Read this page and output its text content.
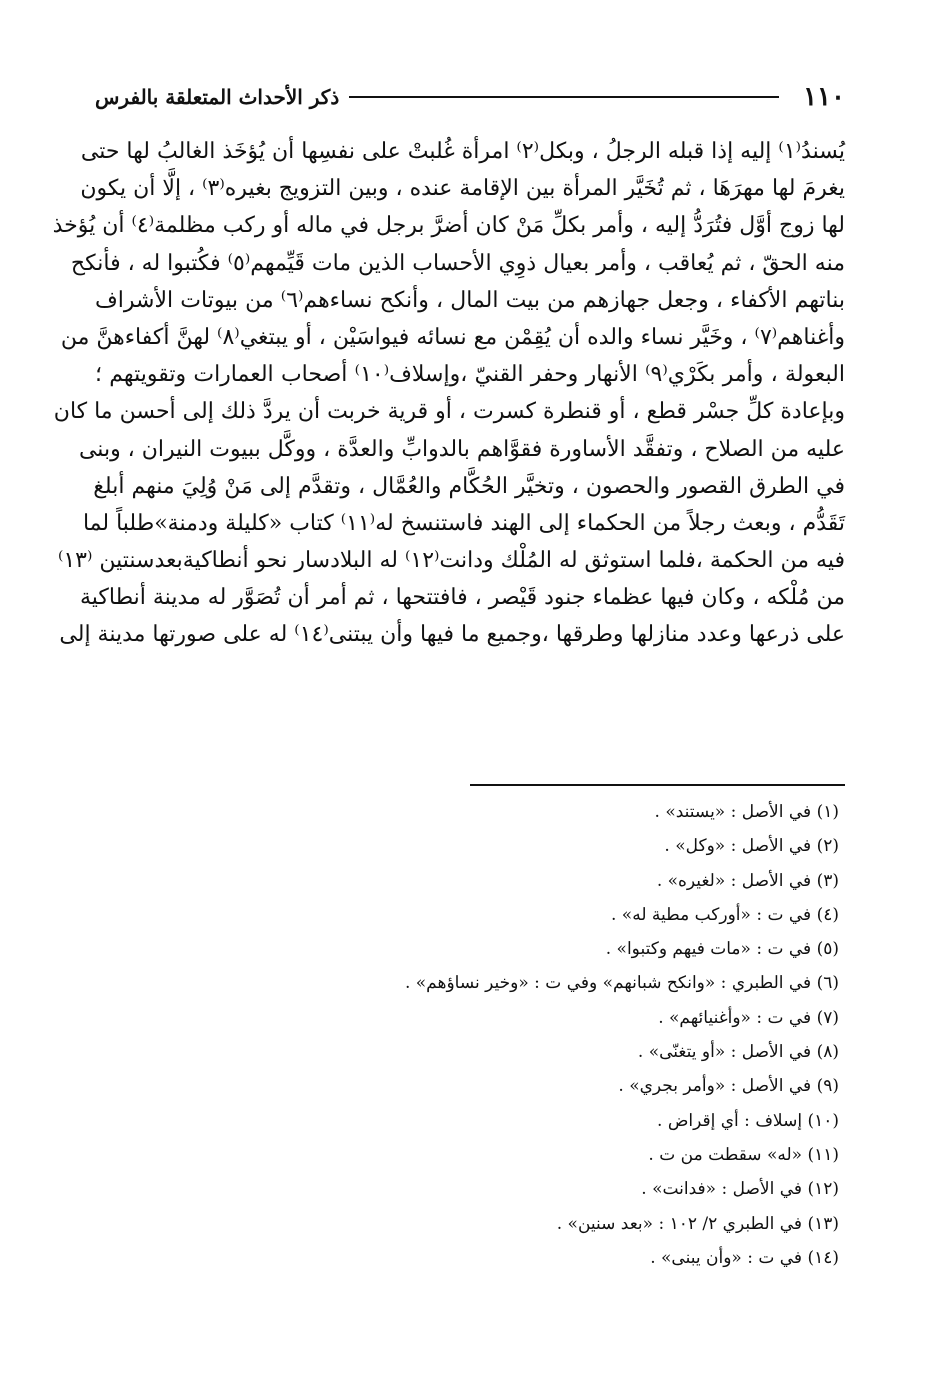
١١٠
ذكر الأحداث المتعلقة بالفرس
يُسندُ⁽١⁾ إليه إذا قبله الرجلُ ، وبكل⁽٢⁾ امرأة غُلبتْ على نفسِها أن يُؤخَذ الغالبُ لها حتى
يغرمَ لها مهرَهَا ، ثم تُخَيَّر المرأة بين الإقامة عنده ، وبين التزويج بغيره⁽٣⁾ ، إلَّا أن يكون
لها زوج أوَّل فتُرَدُّ إليه ، وأمر بكلِّ مَنْ كان أضرَّ برجل في ماله أو ركب مظلمة⁽٤⁾ أن يُؤخذ
منه الحقّ ، ثم يُعاقب ، وأمر بعيال ذوِي الأحساب الذين مات قَيِّمهم⁽٥⁾ فكُتبوا له ، فأنكح
بناتهم الأكفاء ، وجعل جهازهم من بيت المال ، وأنكح نساءهم⁽٦⁾ من بيوتات الأشراف
وأغناهم⁽٧⁾ ، وخَيَّر نساء والده أن يُقِمْن مع نسائه فيواسَيْن ، أو يبتغي⁽٨⁾ لهنَّ أكفاءهنَّ من
البعولة ، وأمر بكَرْي⁽٩⁾ الأنهار وحفر القنيّ ،وإسلاف⁽١٠⁾ أصحاب العمارات وتقويتهم ؛
وبإعادة كلِّ جسْر قطع ، أو قنطرة كسرت ، أو قرية خربت أن يردَّ ذلك إلى أحسن ما كان
عليه من الصلاح ، وتفقَّد الأساورة فقوَّاهم بالدوابِّ والعدَّة ، ووكَّل ببيوت النيران ، وبنى
في الطرق القصور والحصون ، وتخيَّر الحُكَّام والعُمَّال ، وتقدَّم إلى مَنْ وُلِيَ منهم أبلغ
تَقَدُّم ، وبعث رجلاً من الحكماء إلى الهند فاستنسخ له⁽١١⁾ كتاب «كليلة ودمنة»طلباً لما
فيه من الحكمة ،فلما استوثق له المُلْك ودانت⁽١٢⁾ له البلادسار نحو أنطاكيةبعدسنتين ⁽١٣⁾
من مُلْكه ، وكان فيها عظماء جنود قَيْصر ، فافتتحها ، ثم أمر أن تُصَوَّر له مدينة أنطاكية
على ذرعها وعدد منازلها وطرقها ،وجميع ما فيها وأن يبتنى⁽١٤⁾ له على صورتها مدينة إلى
(١) في الأصل : «يستند» .
(٢) في الأصل : «وكل» .
(٣) في الأصل : «لغيره» .
(٤) في ت : «أوركب مطية له» .
(٥) في ت : «مات فيهم وكتبوا» .
(٦) في الطبري : «وانكح شبانهم» وفي ت : «وخير نساؤهم» .
(٧) في ت : «وأغنيائهم» .
(٨) في الأصل : «أو يتغنّى» .
(٩) في الأصل : «وأمر بجري» .
(١٠) إسلاف : أي إقراض .
(١١) «له» سقطت من ت .
(١٢) في الأصل : «فدانت» .
(١٣) في الطبري ٢/ ١٠٢ : «بعد سنين» .
(١٤) في ت : «وأن يبنى» .
